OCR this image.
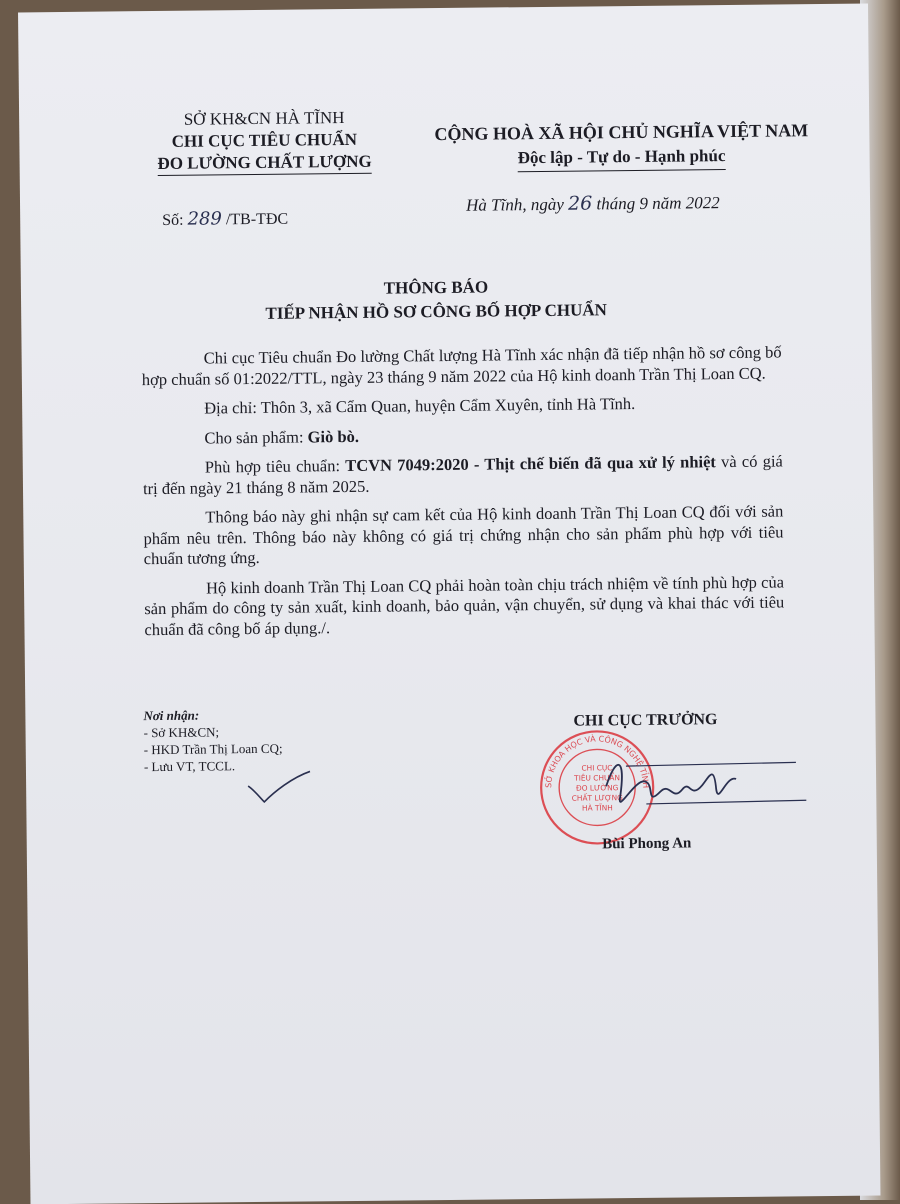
SỞ KH&CN HÀ TĨNH
CHI CỤC TIÊU CHUẨN
ĐO LƯỜNG CHẤT LƯỢNG
CỘNG HOÀ XÃ HỘI CHỦ NGHĨA VIỆT NAM
Độc lập - Tự do - Hạnh phúc
Số: 289 /TB-TĐC
Hà Tĩnh, ngày 26 tháng 9 năm 2022
THÔNG BÁO
TIẾP NHẬN HỒ SƠ CÔNG BỐ HỢP CHUẨN

Chi cục Tiêu chuẩn Đo lường Chất lượng Hà Tĩnh xác nhận đã tiếp nhận hồ sơ công bố hợp chuẩn số 01:2022/TTL, ngày 23 tháng 9 năm 2022 của Hộ kinh doanh Trần Thị Loan CQ.

Địa chỉ: Thôn 3, xã Cẩm Quan, huyện Cẩm Xuyên, tỉnh Hà Tĩnh.

Cho sản phẩm: Giò bò.

Phù hợp tiêu chuẩn: TCVN 7049:2020 - Thịt chế biến đã qua xử lý nhiệt và có giá trị đến ngày 21 tháng 8 năm 2025.

Thông báo này ghi nhận sự cam kết của Hộ kinh doanh Trần Thị Loan CQ đối với sản phẩm nêu trên. Thông báo này không có giá trị chứng nhận cho sản phẩm phù hợp với tiêu chuẩn tương ứng.

Hộ kinh doanh Trần Thị Loan CQ phải hoàn toàn chịu trách nhiệm về tính phù hợp của sản phẩm do công ty sản xuất, kinh doanh, bảo quản, vận chuyển, sử dụng và khai thác với tiêu chuẩn đã công bố áp dụng./.

Nơi nhận:
- Sở KH&CN;
- HKD Trần Thị Loan CQ;
- Lưu VT, TCCL.
CHI CỤC TRƯỞNG
SỞ KHOA HỌC VÀ CÔNG NGHỆ TỈNH
CHI CỤC
TIÊU CHUẨN
ĐO LƯỜNG
CHẤT LƯỢNG
HÀ TĨNH
Bùi Phong An
